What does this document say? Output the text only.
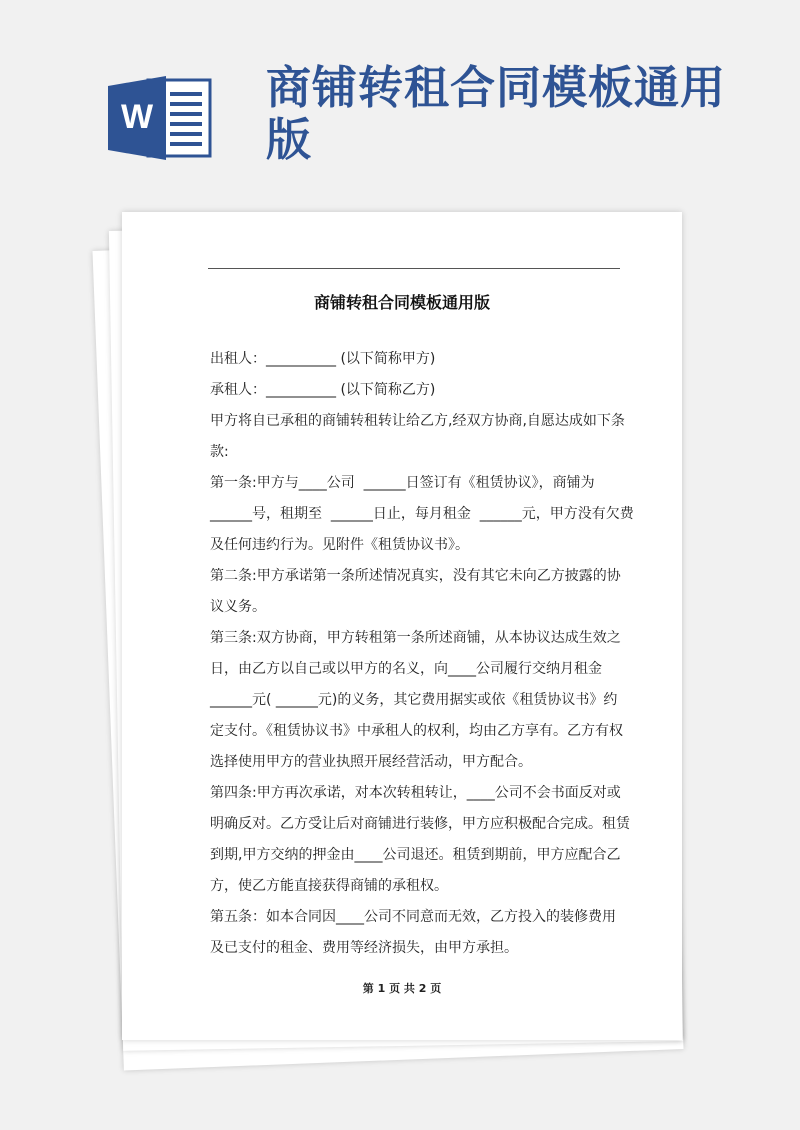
W
商铺转租合同模板通用版
商铺转租合同模板通用版
出租人：__________ (以下简称甲方)
承租人：__________ (以下简称乙方)
甲方将自已承租的商铺转租转让给乙方,经双方协商,自愿达成如下条
款:
第一条:甲方与____公司  ______日签订有《租赁协议》，商铺为
______号，租期至  ______日止，每月租金  ______元，甲方没有欠费
及任何违约行为。见附件《租赁协议书》。
第二条:甲方承诺第一条所述情况真实，没有其它未向乙方披露的协
议义务。
第三条:双方协商，甲方转租第一条所述商铺，从本协议达成生效之
日，由乙方以自己或以甲方的名义，向____公司履行交纳月租金
______元( ______元)的义务，其它费用据实或依《租赁协议书》约
定支付。《租赁协议书》中承租人的权利，均由乙方享有。乙方有权
选择使用甲方的营业执照开展经营活动，甲方配合。
第四条:甲方再次承诺，对本次转租转让，____公司不会书面反对或
明确反对。乙方受让后对商铺进行装修，甲方应积极配合完成。租赁
到期,甲方交纳的押金由____公司退还。租赁到期前，甲方应配合乙
方，使乙方能直接获得商铺的承租权。
第五条：如本合同因____公司不同意而无效，乙方投入的装修费用
及已支付的租金、费用等经济损失，由甲方承担。
第 1 页 共 2 页
